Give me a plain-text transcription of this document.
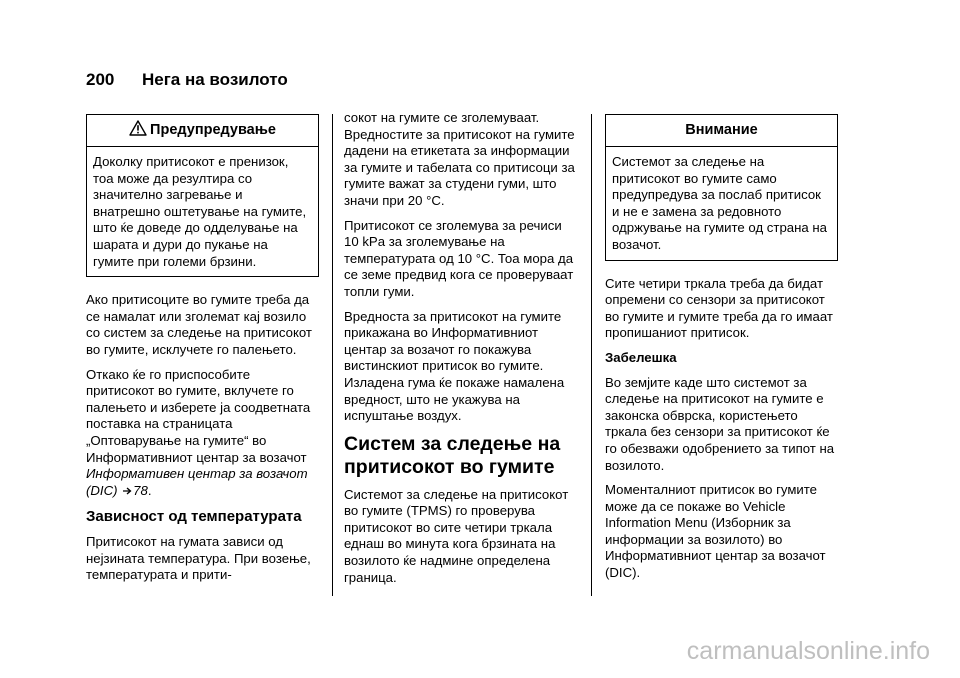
200 Нега на возилото
Предупредување
Доколку притисокот е пренизок, тоа може да резултира со значително загревање и внатрешно оштетување на гумите, што ќе доведе до одделување на шарата и дури до пукање на гумите при големи брзини.

Ако притисоците во гумите треба да се намалат или зголемат кај возило со систем за следење на притисокот во гумите, исклучете го палењето.

Откако ќе го приспособите притисокот во гумите, вклучете го палењето и изберете ја соодветната поставка на страницата „Оптоварување на гумите“ во Информативниот центар за возачот Информативен центар за возачот (DIC) 78.

Зависност од температурата

Притисокот на гумата зависи од нејзината температура. При возење, температурата и прити-

сокот на гумите се зголемуваат. Вредностите за притисокот на гумите дадени на етикетата за информации за гумите и табелата со притисоци за гумите важат за студени гуми, што значи при 20 °C.

Притисокот се зголемува за речиси 10 kPa за зголемување на температурата од 10 °C. Тоа мора да се земе предвид кога се проверуваат топли гуми.

Вредноста за притисокот на гумите прикажана во Информативниот центар за возачот го покажува вистинскиот притисок во гумите. Изладена гума ќе покаже намалена вредност, што не укажува на испуштање воздух.

Систем за следење на притисокот во гумите

Системот за следење на притисокот во гумите (TPMS) го проверува притисокот во сите четири тркала еднаш во минута кога брзината на возилото ќе надмине определена граница.

Внимание
Системот за следење на притисокот во гумите само предупредува за послаб притисок и не е замена за редовното одржување на гумите од страна на возачот.

Сите четири тркала треба да бидат опремени со сензори за притисокот во гумите и гумите треба да го имаат пропишаниот притисок.

Забелешка

Во земјите каде што системот за следење на притисокот на гумите е законска обврска, користењето тркала без сензори за притисокот ќе го обезважи одобрението за типот на возилото.

Моменталниот притисок во гумите може да се покаже во Vehicle Information Menu (Изборник за информации за возилото) во Информативниот центар за возачот (DIC).

carmanualsonline.info
